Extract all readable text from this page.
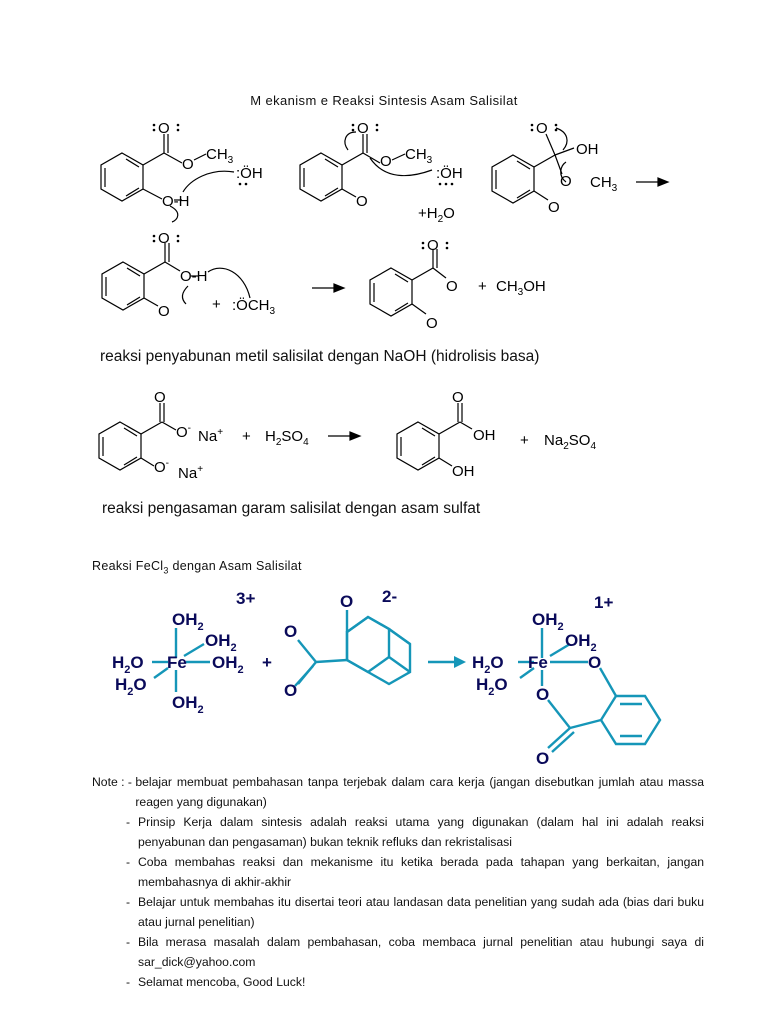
M ekanism e Reaksi Sintesis Asam Salisilat
O
O
$CH_3$
O-H
:ÖH
O
O $CH_3$
O
:ÖH
$+H_2O$
O
OH
O $CH_3$
O
O
O-H
O	+ $:ÖCH_3$
O
O
O
+ $CH_3OH$
reaksi penyabunan metil salisilat dengan NaOH (hidrolisis basa)
O
O- Na+
O-
Na+
+ $H_2SO_4$
O
OH
OH
+ $Na_2SO_4$
reaksi pengasaman garam salisilat dengan asam sulfat
Reaksi FeCl$_3$ dengan Asam Salisilat
$OH_2$
$OH_2$
$H_2O$ Fe $OH_2$
$H_2O$
$OH_2$
3+
+
O 2-
O
O
1+
$OH_2$
$OH_2$
$H_2O$ Fe O
$H_2O$
O
O
Note : - belajar membuat pembahasan tanpa terjebak dalam cara kerja (jangan disebutkan jumlah atau massa reagen yang digunakan)
- Prinsip Kerja dalam sintesis adalah reaksi utama yang digunakan (dalam hal ini adalah reaksi penyabunan dan pengasaman) bukan teknik refluks dan rekristalisasi
- Coba membahas reaksi dan mekanisme itu ketika berada pada tahapan yang berkaitan, jangan membahasnya di akhir-akhir
- Belajar untuk membahas itu disertai teori atau landasan data penelitian yang sudah ada (bias dari buku atau jurnal penelitian)
- Bila merasa masalah dalam pembahasan, coba membaca jurnal penelitian atau hubungi saya di sar_dick@yahoo.com
- Selamat mencoba, Good Luck!
